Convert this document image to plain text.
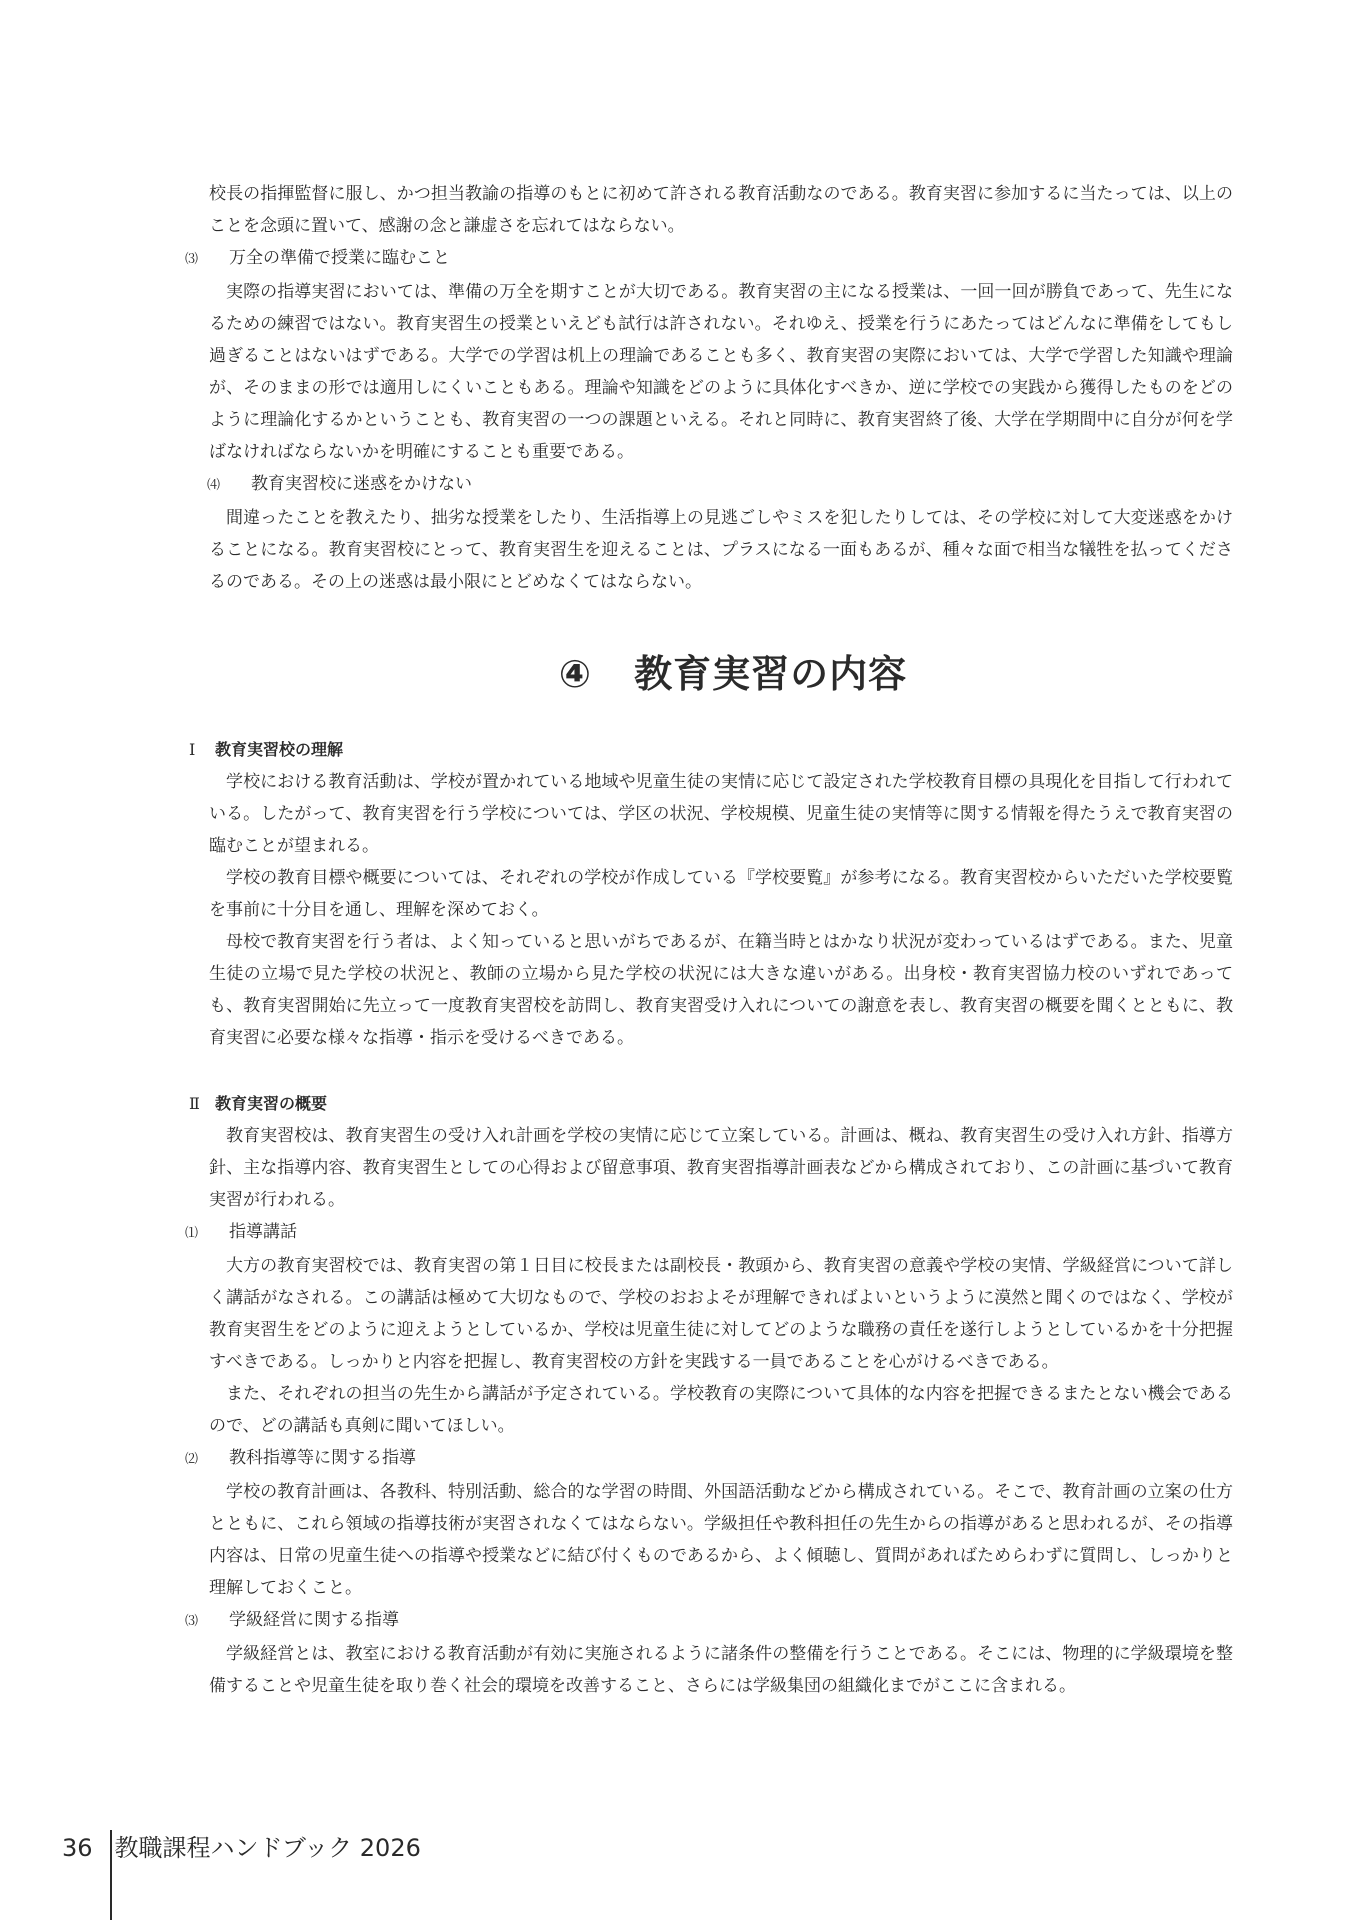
校長の指揮監督に服し、かつ担当教諭の指導のもとに初めて許される教育活動なのである。教育実習に参加するに当たっては、以上のことを念頭に置いて、感謝の念と謙虚さを忘れてはならない。

⑶	万全の準備で授業に臨むこと

実際の指導実習においては、準備の万全を期すことが大切である。教育実習の主になる授業は、一回一回が勝負であって、先生になるための練習ではない。教育実習生の授業といえども試行は許されない。それゆえ、授業を行うにあたってはどんなに準備をしてもし過ぎることはないはずである。大学での学習は机上の理論であることも多く、教育実習の実際においては、大学で学習した知識や理論が、そのままの形では適用しにくいこともある。理論や知識をどのように具体化すべきか、逆に学校での実践から獲得したものをどのように理論化するかということも、教育実習の一つの課題といえる。それと同時に、教育実習終了後、大学在学期間中に自分が何を学ばなければならないかを明確にすることも重要である。

⑷	教育実習校に迷惑をかけない

間違ったことを教えたり、拙劣な授業をしたり、生活指導上の見逃ごしやミスを犯したりしては、その学校に対して大変迷惑をかけることになる。教育実習校にとって、教育実習生を迎えることは、プラスになる一面もあるが、種々な面で相当な犠牲を払ってくださるのである。その上の迷惑は最小限にとどめなくてはならない。

④ 教育実習の内容
Ⅰ	教育実習校の理解

学校における教育活動は、学校が置かれている地域や児童生徒の実情に応じて設定された学校教育目標の具現化を目指して行われている。したがって、教育実習を行う学校については、学区の状況、学校規模、児童生徒の実情等に関する情報を得たうえで教育実習の臨むことが望まれる。

学校の教育目標や概要については、それぞれの学校が作成している『学校要覧』が参考になる。教育実習校からいただいた学校要覧を事前に十分目を通し、理解を深めておく。

母校で教育実習を行う者は、よく知っていると思いがちであるが、在籍当時とはかなり状況が変わっているはずである。また、児童生徒の立場で見た学校の状況と、教師の立場から見た学校の状況には大きな違いがある。出身校・教育実習協力校のいずれであっても、教育実習開始に先立って一度教育実習校を訪問し、教育実習受け入れについての謝意を表し、教育実習の概要を聞くとともに、教育実習に必要な様々な指導・指示を受けるべきである。

Ⅱ 教育実習の概要

教育実習校は、教育実習生の受け入れ計画を学校の実情に応じて立案している。計画は、概ね、教育実習生の受け入れ方針、指導方針、主な指導内容、教育実習生としての心得および留意事項、教育実習指導計画表などから構成されており、この計画に基づいて教育実習が行われる。

⑴	指導講話

大方の教育実習校では、教育実習の第１日目に校長または副校長・教頭から、教育実習の意義や学校の実情、学級経営について詳しく講話がなされる。この講話は極めて大切なもので、学校のおおよそが理解できればよいというように漠然と聞くのではなく、学校が教育実習生をどのように迎えようとしているか、学校は児童生徒に対してどのような職務の責任を遂行しようとしているかを十分把握すべきである。しっかりと内容を把握し、教育実習校の方針を実践する一員であることを心がけるべきである。

また、それぞれの担当の先生から講話が予定されている。学校教育の実際について具体的な内容を把握できるまたとない機会であるので、どの講話も真剣に聞いてほしい。

⑵	教科指導等に関する指導

学校の教育計画は、各教科、特別活動、総合的な学習の時間、外国語活動などから構成されている。そこで、教育計画の立案の仕方とともに、これら領域の指導技術が実習されなくてはならない。学級担任や教科担任の先生からの指導があると思われるが、その指導内容は、日常の児童生徒への指導や授業などに結び付くものであるから、よく傾聴し、質問があればためらわずに質問し、しっかりと理解しておくこと。

⑶	学級経営に関する指導

学級経営とは、教室における教育活動が有効に実施されるように諸条件の整備を行うことである。そこには、物理的に学級環境を整備することや児童生徒を取り巻く社会的環境を改善すること、さらには学級集団の組織化までがここに含まれる。

36 教職課程ハンドブック 2026
